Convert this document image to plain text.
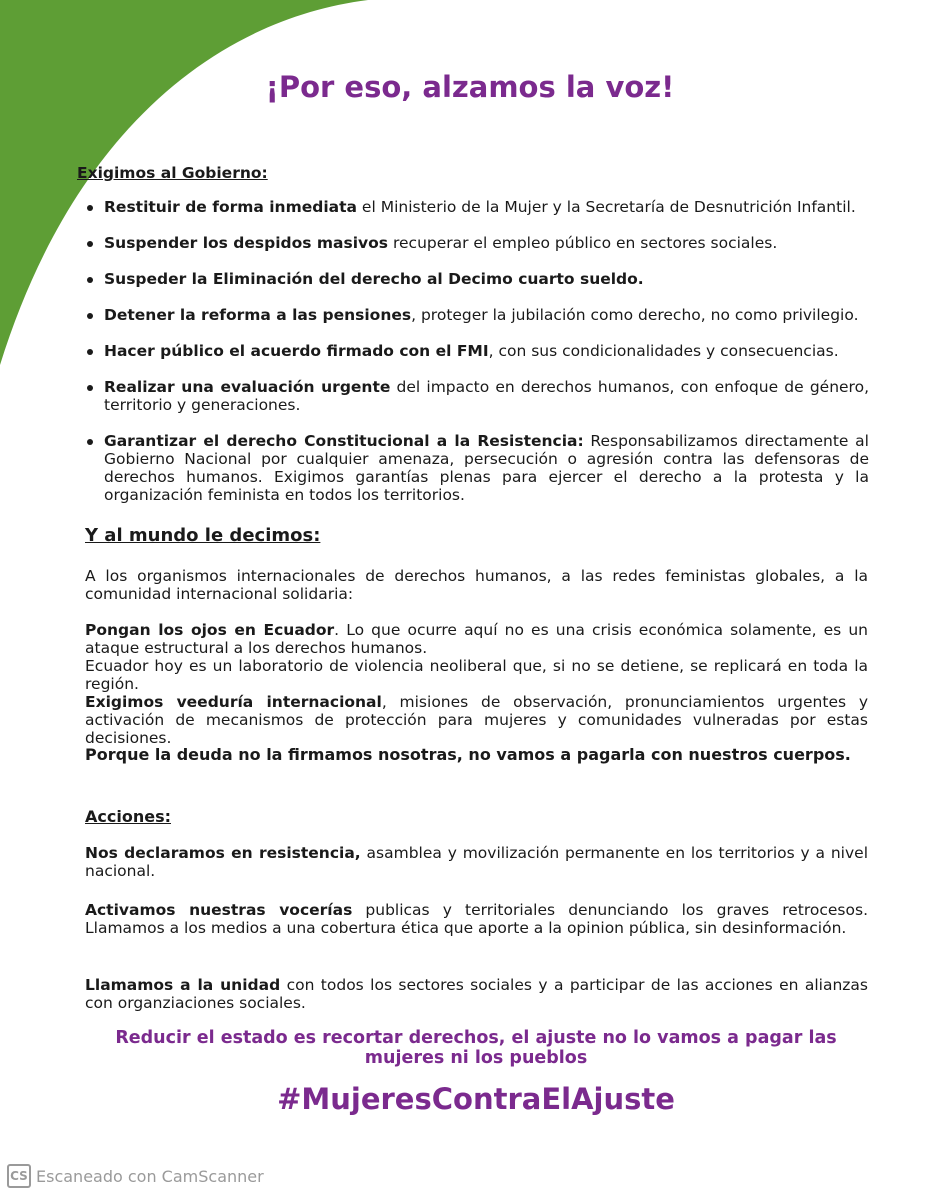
¡Por eso, alzamos la voz!

Exigimos al Gobierno:

Restituir de forma inmediata el Ministerio de la Mujer y la Secretaría de Desnutrición Infantil.
Suspender los despidos masivos recuperar el empleo público en sectores sociales.
Suspeder la Eliminación del derecho al Decimo cuarto sueldo.
Detener la reforma a las pensiones, proteger la jubilación como derecho, no como privilegio.
Hacer público el acuerdo firmado con el FMI, con sus condicionalidades y consecuencias.
Realizar una evaluación urgente del impacto en derechos humanos, con enfoque de género, territorio y generaciones.
Garantizar el derecho Constitucional a la Resistencia: Responsabilizamos directamente al Gobierno Nacional por cualquier amenaza, persecución o agresión contra las defensoras de derechos humanos. Exigimos garantías plenas para ejercer el derecho a la protesta y la organización feminista en todos los territorios.

Y al mundo le decimos:

A los organismos internacionales de derechos humanos, a las redes feministas globales, a la comunidad internacional solidaria:

Pongan los ojos en Ecuador. Lo que ocurre aquí no es una crisis económica solamente, es un ataque estructural a los derechos humanos.

Ecuador hoy es un laboratorio de violencia neoliberal que, si no se detiene, se replicará en toda la región.

Exigimos veeduría internacional, misiones de observación, pronunciamientos urgentes y activación de mecanismos de protección para mujeres y comunidades vulneradas por estas decisiones.

Porque la deuda no la firmamos nosotras, no vamos a pagarla con nuestros cuerpos.

Acciones:

Nos declaramos en resistencia, asamblea y movilización permanente en los territorios y a nivel nacional.

Activamos nuestras vocerías publicas y territoriales denunciando los graves retrocesos. Llamamos a los medios a una cobertura ética que aporte a la opinion pública, sin desinformación.

Llamamos a la unidad con todos los sectores sociales y a participar de las acciones en alianzas con organziaciones sociales.

Reducir el estado es recortar derechos, el ajuste no lo vamos a pagar las mujeres ni los pueblos

#MujeresContraElAjuste

CS Escaneado con CamScanner
